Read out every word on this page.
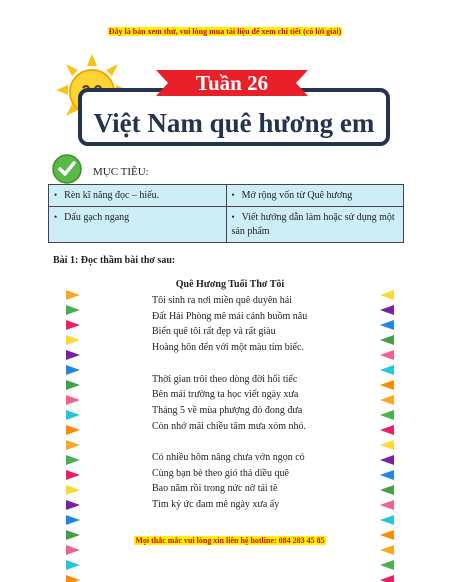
Đây là bản xem thử, vui lòng mua tài liệu để xem chi tiết (có lời giải)
Việt Nam quê hương em
Tuần 26
MỤC TIÊU:
• Rèn kĩ năng đọc – hiểu.	• Mở rộng vốn từ Quê hương
• Dấu gạch ngang	• Viết hướng dẫn làm hoặc sử dụng một sản phẩm
Bài 1: Đọc thầm bài thơ sau:
Quê Hương Tuổi Thơ Tôi
Tôi sinh ra nơi miền quê duyên hải
Đất Hải Phòng mê mải cánh buồm nâu
Biển quê tôi rất đẹp và rất giàu
Hoàng hôn đến với một màu tím biếc.
Thời gian trôi theo dòng đời hối tiếc
Bên mái trường ta học viết ngày xưa
Tháng 5 về mùa phượng đỏ đong đưa
Còn nhớ mãi chiều tâm mưa xóm nhỏ.
Có nhiều hôm nâng chưa vớn ngọn cỏ
Cùng bạn bè theo gió thả diều quê
Bao năm rồi trong nức nở tái tê
Tìm ký ức đam mê ngày xưa ấy
Mọi thắc mắc vui lòng xin liên hệ hotline: 084 283 45 85
